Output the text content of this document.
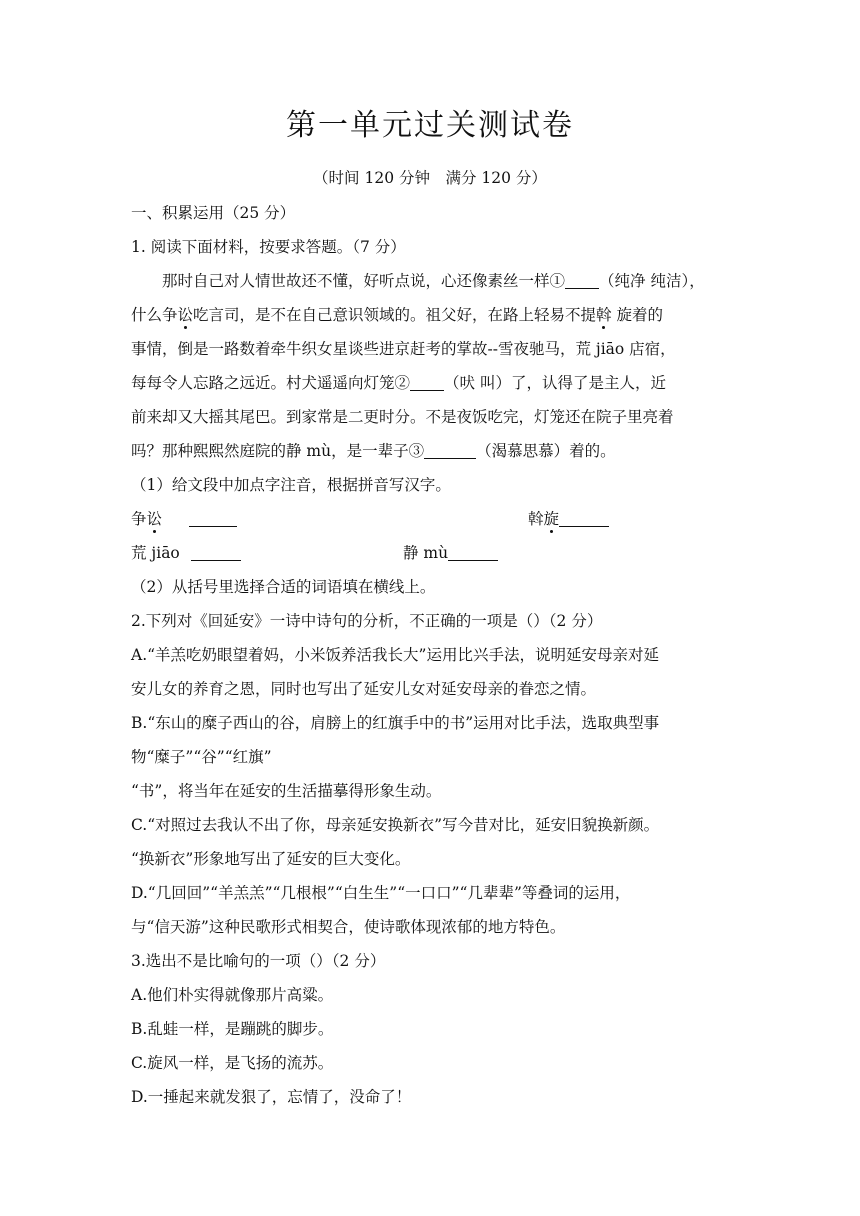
第一单元过关测试卷
（时间 120 分钟　满分 120 分）
一、积累运用（25 分）
1. 阅读下面材料，按要求答题。（7 分）
那时自己对人情世故还不懂，好听点说，心还像素丝一样① （纯净 纯洁），
什么争讼吃言司，是不在自己意识领域的。祖父好，在路上轻易不提斡 旋着的
事情，倒是一路数着牵牛织女星谈些进京赶考的掌故--雪夜驰马，荒 jiāo 店宿，
每每令人忘路之远近。村犬遥遥向灯笼② （吠 叫）了，认得了是主人，近
前来却又大摇其尾巴。到家常是二更时分。不是夜饭吃完，灯笼还在院子里亮着
吗？那种熙熙然庭院的静 mù，是一辈子③	（渴慕思慕）着的。
（1）给文段中加点字注音，根据拼音写汉字。
争讼	斡旋
荒 jiāo	静 mù
（2）从括号里选择合适的词语填在横线上。
2.下列对《回延安》一诗中诗句的分析，不正确的一项是（）（2 分）
A.“羊羔吃奶眼望着妈，小米饭养活我长大”运用比兴手法，说明延安母亲对延
安儿女的养育之恩，同时也写出了延安儿女对延安母亲的眷恋之情。
B.“东山的糜子西山的谷，肩膀上的红旗手中的书”运用对比手法，选取典型事
物“糜子”“谷”“红旗”
“书”，将当年在延安的生活描摹得形象生动。
C.“对照过去我认不出了你，母亲延安换新衣”写今昔对比，延安旧貌换新颜。
“换新衣”形象地写出了延安的巨大变化。
D.“几回回”“羊羔羔”“几根根”“白生生”“一口口”“几辈辈”等叠词的运用，
与“信天游”这种民歌形式相契合，使诗歌体现浓郁的地方特色。
3.选出不是比喻句的一项（）（2 分）
A.他们朴实得就像那片高粱。
B.乱蛙一样，是蹦跳的脚步。
C.旋风一样，是飞扬的流苏。
D.一捶起来就发狠了，忘情了，没命了！
